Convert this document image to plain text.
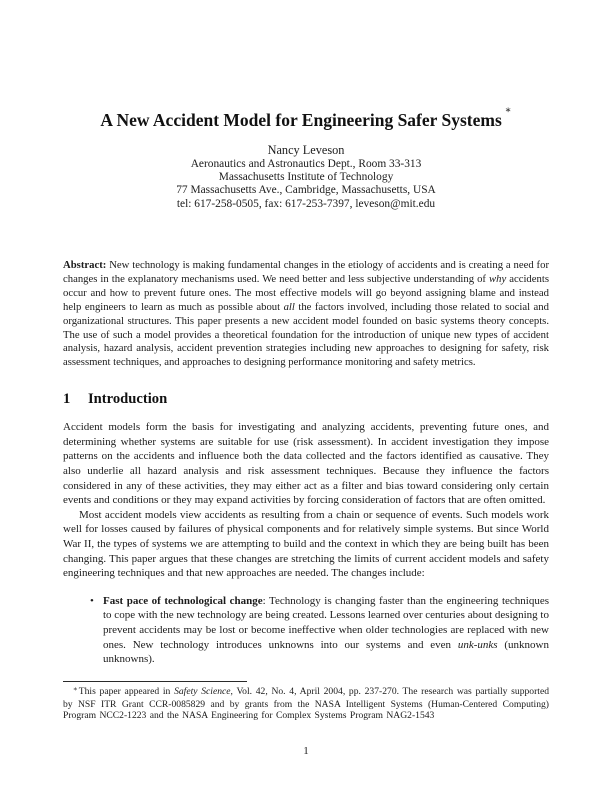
A New Accident Model for Engineering Safer Systems ∗
Nancy Leveson
Aeronautics and Astronautics Dept., Room 33-313
Massachusetts Institute of Technology
77 Massachusetts Ave., Cambridge, Massachusetts, USA
tel: 617-258-0505, fax: 617-253-7397, leveson@mit.edu

Abstract: New technology is making fundamental changes in the etiology of accidents and is creating a need for changes in the explanatory mechanisms used. We need better and less subjective understanding of why accidents occur and how to prevent future ones. The most effective models will go beyond assigning blame and instead help engineers to learn as much as possible about all the factors involved, including those related to social and organizational structures. This paper presents a new accident model founded on basic systems theory concepts. The use of such a model provides a theoretical foundation for the introduction of unique new types of accident analysis, hazard analysis, accident prevention strategies including new approaches to designing for safety, risk assessment techniques, and approaches to designing performance monitoring and safety metrics.

1 Introduction

Accident models form the basis for investigating and analyzing accidents, preventing future ones, and determining whether systems are suitable for use (risk assessment). In accident investigation they impose patterns on the accidents and influence both the data collected and the factors identified as causative. They also underlie all hazard analysis and risk assessment techniques. Because they influence the factors considered in any of these activities, they may either act as a filter and bias toward considering only certain events and conditions or they may expand activities by forcing consideration of factors that are often omitted.

Most accident models view accidents as resulting from a chain or sequence of events. Such models work well for losses caused by failures of physical components and for relatively simple systems. But since World War II, the types of systems we are attempting to build and the context in which they are being built has been changing. This paper argues that these changes are stretching the limits of current accident models and safety engineering techniques and that new approaches are needed. The changes include:

• Fast pace of technological change: Technology is changing faster than the engineering techniques to cope with the new technology are being created. Lessons learned over centuries about designing to prevent accidents may be lost or become ineffective when older technologies are replaced with new ones. New technology introduces unknowns into our systems and even unk-unks (unknown unknowns).

∗This paper appeared in Safety Science, Vol. 42, No. 4, April 2004, pp. 237-270. The research was partially supported by NSF ITR Grant CCR-0085829 and by grants from the NASA Intelligent Systems (Human-Centered Computing) Program NCC2-1223 and the NASA Engineering for Complex Systems Program NAG2-1543

1
